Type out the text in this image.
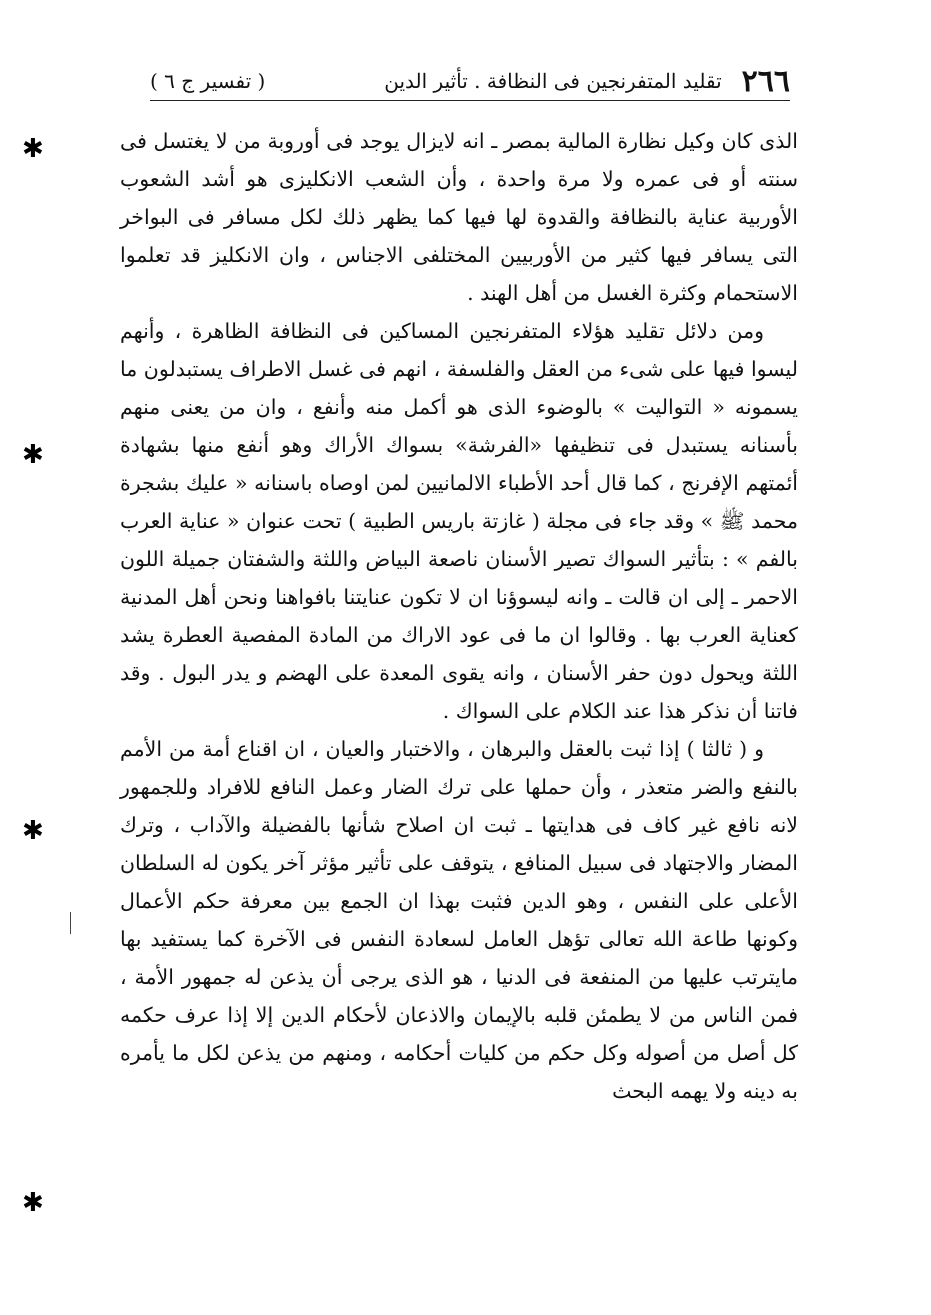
٢٦٦
تقليد المتفرنجين فى النظافة . تأثير الدين
( تفسير ج ٦ )

الذى كان وكيل نظارة المالية بمصر ـ انه لايزال يوجد فى أوروبة من لا يغتسل فى سنته أو فى عمره ولا مرة واحدة ، وأن الشعب الانكليزى هو أشد الشعوب الأوربية عناية بالنظافة والقدوة لها فيها كما يظهر ذلك لكل مسافر فى البواخر التى يسافر فيها كثير من الأوربيين المختلفى الاجناس ، وان الانكليز قد تعلموا الاستحمام وكثرة الغسل من أهل الهند .

ومن دلائل تقليد هؤلاء المتفرنجين المساكين فى النظافة الظاهرة ، وأنهم ليسوا فيها على شىء من العقل والفلسفة ، انهم فى غسل الاطراف يستبدلون ما يسمونه « التواليت » بالوضوء الذى هو أكمل منه وأنفع ، وان من يعنى منهم بأسنانه يستبدل فى تنظيفها «الفرشة» بسواك الأراك وهو أنفع منها بشهادة أئمتهم الإفرنج ، كما قال أحد الأطباء الالمانيين لمن اوصاه باسنانه « عليك بشجرة محمد ﷺ » وقد جاء فى مجلة ( غازتة باريس الطبية ) تحت عنوان « عناية العرب بالفم » : بتأثير السواك تصير الأسنان ناصعة البياض واللثة والشفتان جميلة اللون الاحمر ـ إلى ان قالت ـ وانه ليسوؤنا ان لا تكون عنايتنا بافواهنا ونحن أهل المدنية كعناية العرب بها . وقالوا ان ما فى عود الاراك من المادة المفصية العطرة يشد اللثة ويحول دون حفر الأسنان ، وانه يقوى المعدة على الهضم و يدر البول . وقد فاتنا أن نذكر هذا عند الكلام على السواك .

و ( ثالثا ) إذا ثبت بالعقل والبرهان ، والاختبار والعيان ، ان اقناع أمة من الأمم بالنفع والضر متعذر ، وأن حملها على ترك الضار وعمل النافع للافراد وللجمهور لانه نافع غير كاف فى هدايتها ـ ثبت ان اصلاح شأنها بالفضيلة والآداب ، وترك المضار والاجتهاد فى سبيل المنافع ، يتوقف على تأثير مؤثر آخر يكون له السلطان الأعلى على النفس ، وهو الدين فثبت بهذا ان الجمع بين معرفة حكم الأعمال وكونها طاعة الله تعالى تؤهل العامل لسعادة النفس فى الآخرة كما يستفيد بها مايترتب عليها من المنفعة فى الدنيا ، هو الذى يرجى أن يذعن له جمهور الأمة ، فمن الناس من لا يطمئن قلبه بالإيمان والاذعان لأحكام الدين إلا إذا عرف حكمه كل أصل من أصوله وكل حكم من كليات أحكامه ، ومنهم من يذعن لكل ما يأمره به دينه ولا يهمه البحث

✱
✱
✱
✱
